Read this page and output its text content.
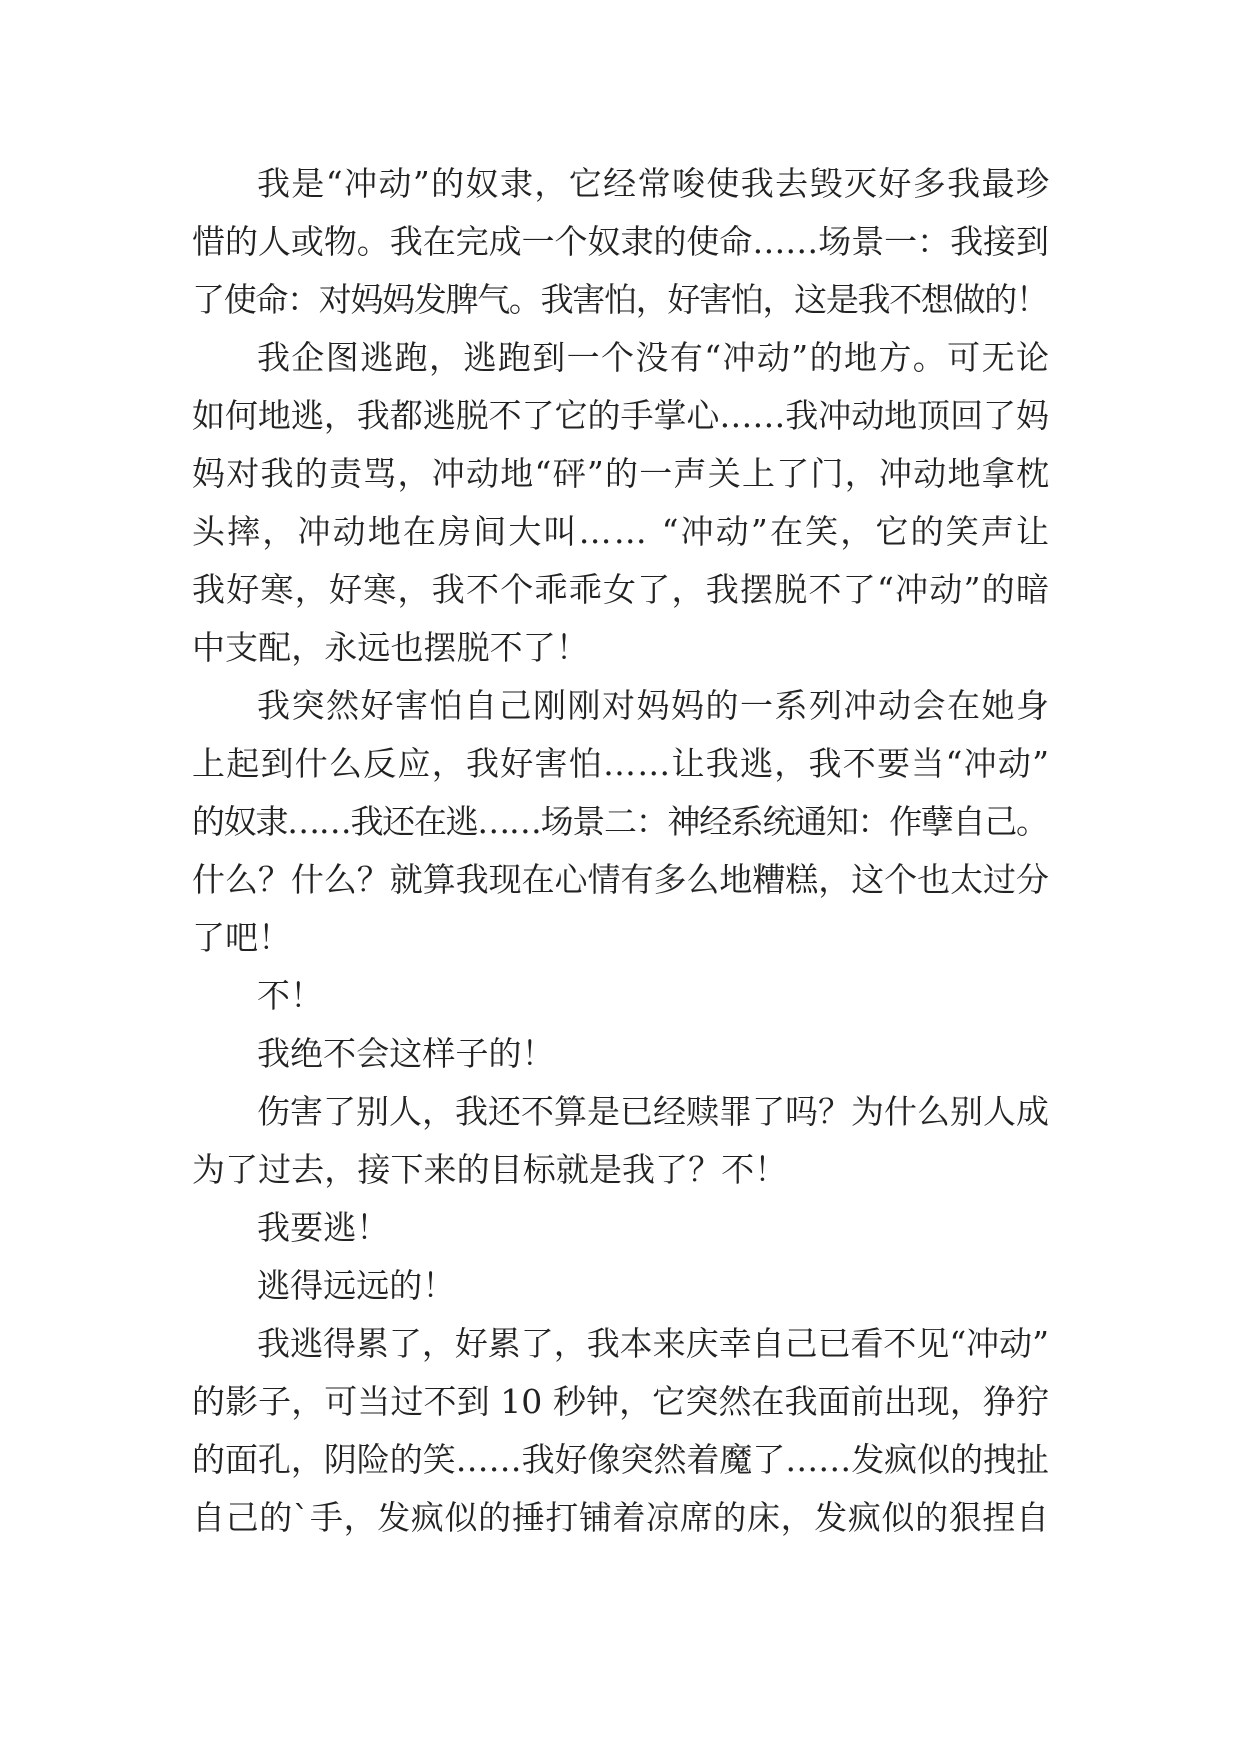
我是“冲动”的奴隶，它经常唆使我去毁灭好多我最珍
惜的人或物。我在完成一个奴隶的使命……场景一：我接到
了使命：对妈妈发脾气。我害怕，好害怕，这是我不想做的！
我企图逃跑，逃跑到一个没有“冲动”的地方。可无论
如何地逃，我都逃脱不了它的手掌心……我冲动地顶回了妈
妈对我的责骂，冲动地“砰”的一声关上了门，冲动地拿枕
头摔，冲动地在房间大叫…… “冲动”在笑，它的笑声让
我好寒，好寒，我不个乖乖女了，我摆脱不了“冲动”的暗
中支配，永远也摆脱不了！
我突然好害怕自己刚刚对妈妈的一系列冲动会在她身
上起到什么反应，我好害怕……让我逃，我不要当“冲动”
的奴隶……我还在逃……场景二：神经系统通知：作孽自己。
什么？什么？就算我现在心情有多么地糟糕，这个也太过分
了吧！
不！
我绝不会这样子的！
伤害了别人，我还不算是已经赎罪了吗？为什么别人成
为了过去，接下来的目标就是我了？不！
我要逃！
逃得远远的！
我逃得累了，好累了，我本来庆幸自己已看不见“冲动”
的影子，可当过不到 10 秒钟，它突然在我面前出现，狰狞
的面孔，阴险的笑……我好像突然着魔了……发疯似的拽扯
自己的`手，发疯似的捶打铺着凉席的床，发疯似的狠捏自
